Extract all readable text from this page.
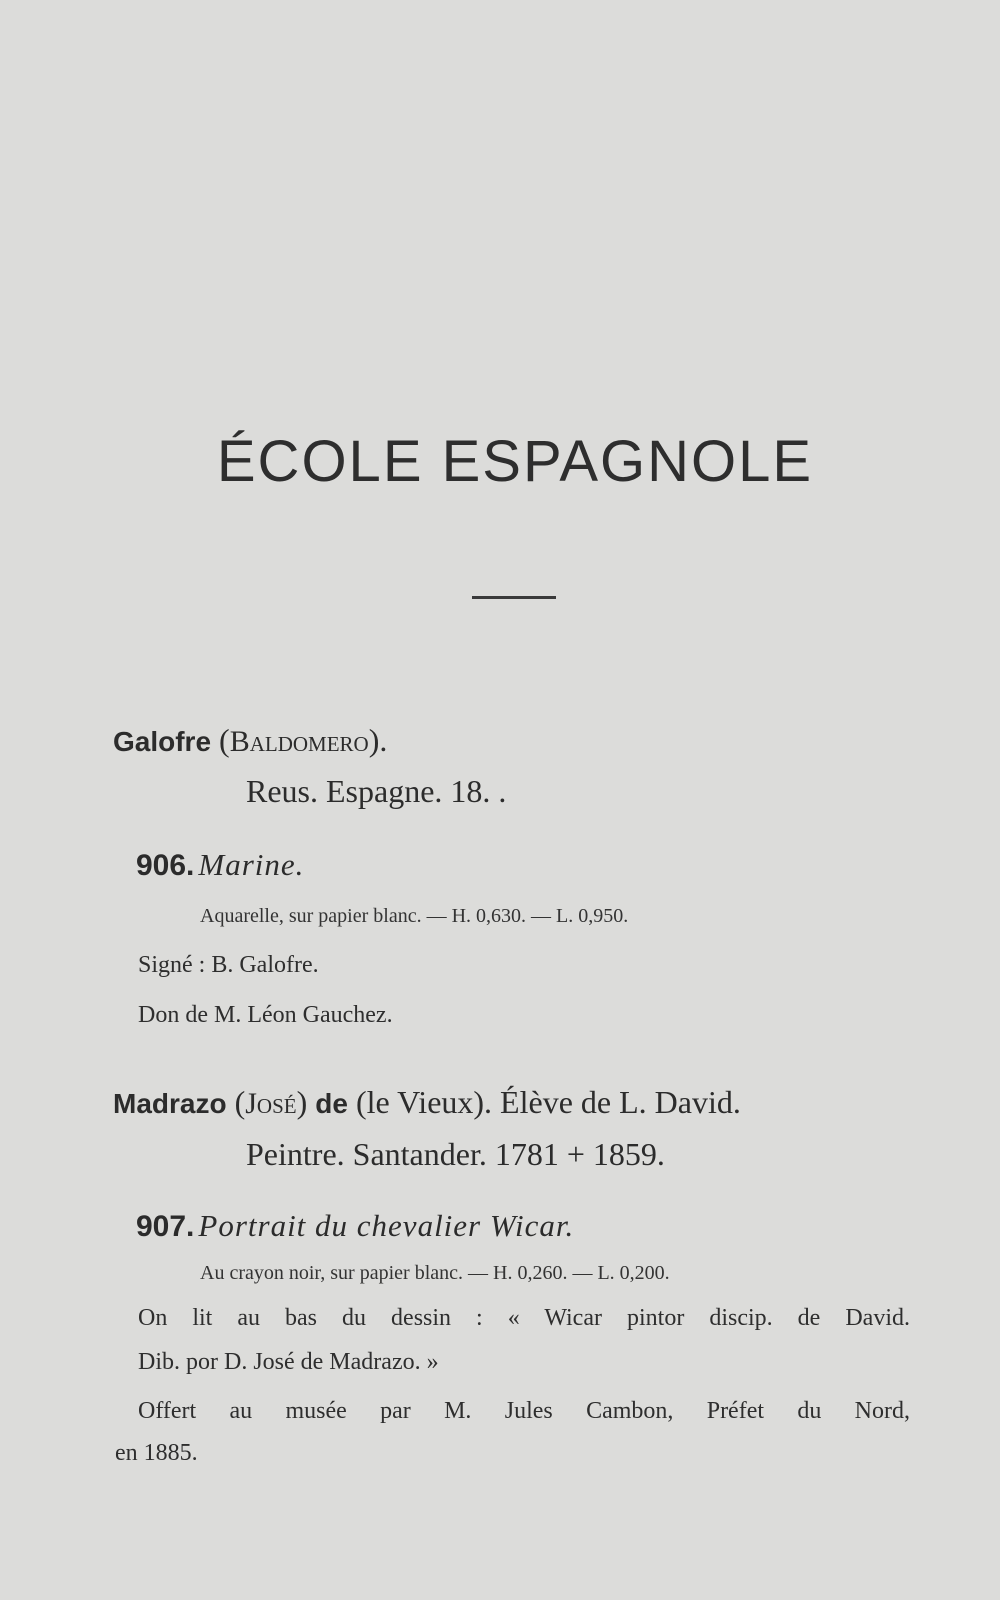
ÉCOLE ESPAGNOLE
Galofre (Baldomero).
Reus. Espagne. 18. .
906. Marine.
Aquarelle, sur papier blanc. — H. 0,630. — L. 0,950.
Signé : B. Galofre.
Don de M. Léon Gauchez.
Madrazo (José) de (le Vieux). Élève de L. David.
Peintre. Santander. 1781 + 1859.
907. Portrait du chevalier Wicar.
Au crayon noir, sur papier blanc. — H. 0,260. — L. 0,200.
On lit au bas du dessin : « Wicar pintor discip. de David.
Dib. por D. José de Madrazo. »
Offert au musée par M. Jules Cambon, Préfet du Nord,
en 1885.
